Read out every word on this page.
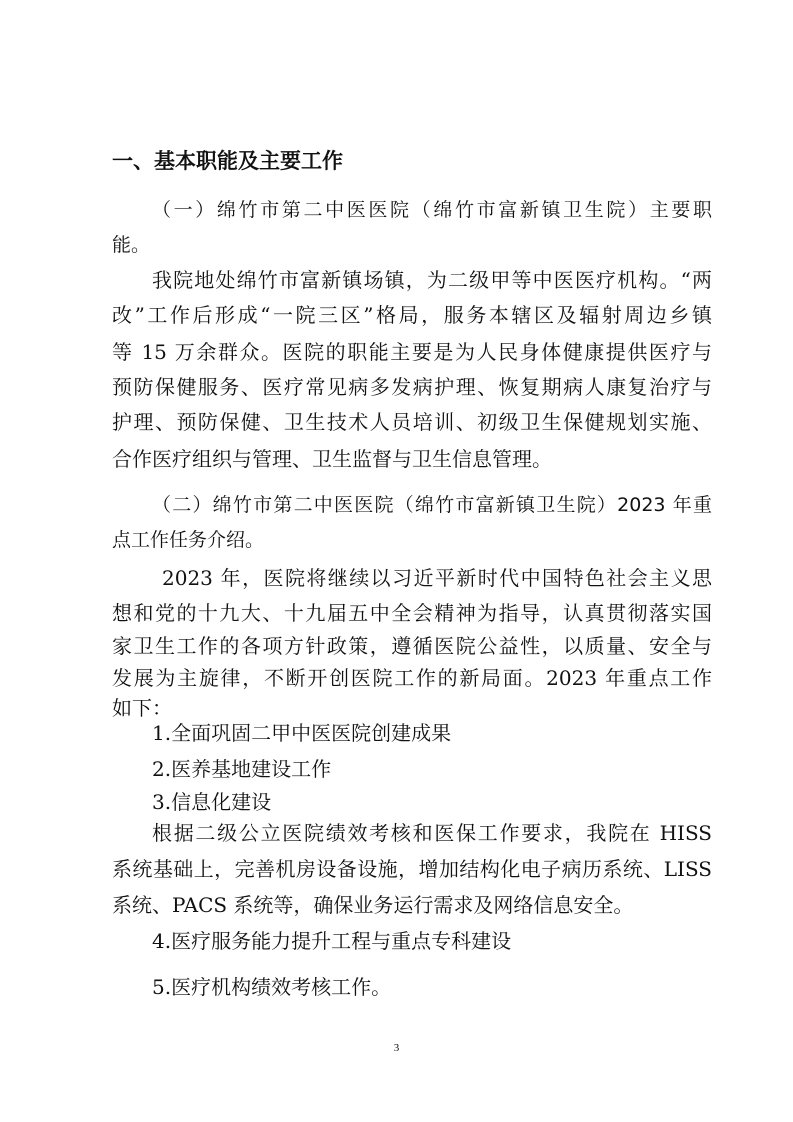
一、基本职能及主要工作
（一）绵竹市第二中医医院（绵竹市富新镇卫生院）主要职
能。
我院地处绵竹市富新镇场镇，为二级甲等中医医疗机构。“两
改”工作后形成“一院三区”格局，服务本辖区及辐射周边乡镇
等 15 万余群众。医院的职能主要是为人民身体健康提供医疗与
预防保健服务、医疗常见病多发病护理、恢复期病人康复治疗与
护理、预防保健、卫生技术人员培训、初级卫生保健规划实施、
合作医疗组织与管理、卫生监督与卫生信息管理。
（二）绵竹市第二中医医院（绵竹市富新镇卫生院）2023 年重
点工作任务介绍。
2023 年，医院将继续以习近平新时代中国特色社会主义思
想和党的十九大、十九届五中全会精神为指导，认真贯彻落实国
家卫生工作的各项方针政策，遵循医院公益性，以质量、安全与
发展为主旋律，不断开创医院工作的新局面。2023 年重点工作
如下：
1.全面巩固二甲中医医院创建成果
2.医养基地建设工作
3.信息化建设
根据二级公立医院绩效考核和医保工作要求，我院在 HISS
系统基础上，完善机房设备设施，增加结构化电子病历系统、LISS
系统、PACS 系统等，确保业务运行需求及网络信息安全。
4.医疗服务能力提升工程与重点专科建设
5.医疗机构绩效考核工作。
3
